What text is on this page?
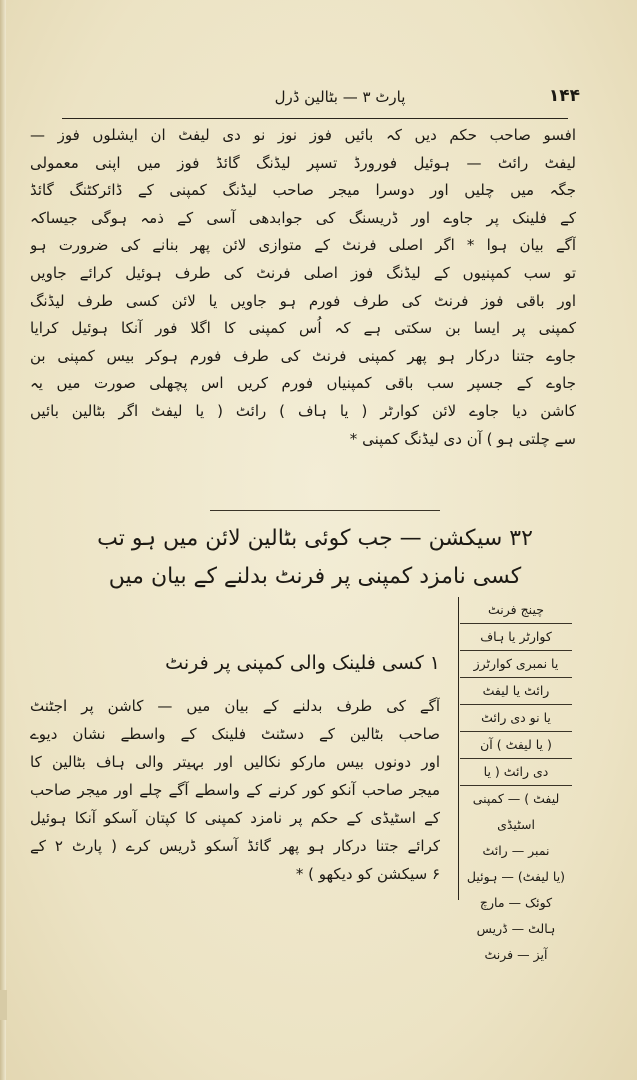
پارٹ ۳ — بٹالین ڈرل	۱۴۴
افسو صاحب حکم دیں کہ بائیں فوز نوز نو دی لیفٹ ان ایشلوں فوز —
لیفٹ رائٹ — ہوئیل فورورڈ تسپر لیڈنگ گائڈ فوز میں اپنی معمولی
جگہ میں چلیں اور دوسرا میجر صاحب لیڈنگ کمپنی کے ڈائرکٹنگ گائڈ
کے فلینک پر جاوے اور ڈریسنگ کی جوابدھی آسی کے ذمہ ہوگی جیساکہ
آگے بیان ہوا * اگر اصلی فرنٹ کے متوازی لائن پھر بنانے کی ضرورت ہو
تو سب کمپنیوں کے لیڈنگ فوز اصلی فرنٹ کی طرف ہوئیل کرائے جاویں
اور باقی فوز فرنٹ کی طرف فورم ہو جاویں یا لائن کسی طرف لیڈنگ
کمپنی پر ایسا بن سکتی ہے کہ اُس کمپنی کا اگلا فور آنکا ہوئیل کرایا
جاوے جتنا درکار ہو پھر کمپنی فرنٹ کی طرف فورم ہوکر بیس کمپنی بن
جاوے کے جسپر سب باقی کمپنیاں فورم کریں اس پچھلی صورت میں یہ
کاشن دیا جاوے لائن کوارٹر ( یا ہاف ) رائٹ ( یا لیفٹ اگر بٹالین بائیں
سے چلتی ہو ) آن دی لیڈنگ کمپنی *
۳۲ سیکشن — جب کوئی بٹالین لائن میں ہو تب
کسی نامزد کمپنی پر فرنٹ بدلنے کے بیان میں
چینج فرنٹ
کوارٹر یا ہاف
یا نمبری کوارٹرز
رائٹ یا لیفٹ
یا نو دی رائٹ
( یا لیفٹ ) آن
دی رائٹ ( یا
لیفٹ ) — کمپنی
اسٹیڈی
نمبر — رائٹ
(یا لیفٹ) — ہوئیل
کوئک — مارچ
ہالٹ — ڈریس
آیز — فرنٹ
۱ کسی فلینک والی کمپنی پر فرنٹ
آگے کی طرف بدلنے کے بیان میں — کاشن پر اجٹنٹ
صاحب بٹالین کے دسٹنٹ فلینک کے واسطے نشان دیوے
اور دونوں بیس مارکو نکالیں اور بہیتر والی ہاف بٹالین کا
میجر صاحب آنکو کور کرنے کے واسطے آگے چلے اور میجر صاحب
کے اسٹیڈی کے حکم پر نامزد کمپنی کا کپتان آسکو آنکا ہوئیل
کرائے جتنا درکار ہو پھر گائڈ آسکو ڈریس کرے ( پارٹ ۲ کے
۶ سیکشن کو دیکھو ) *
